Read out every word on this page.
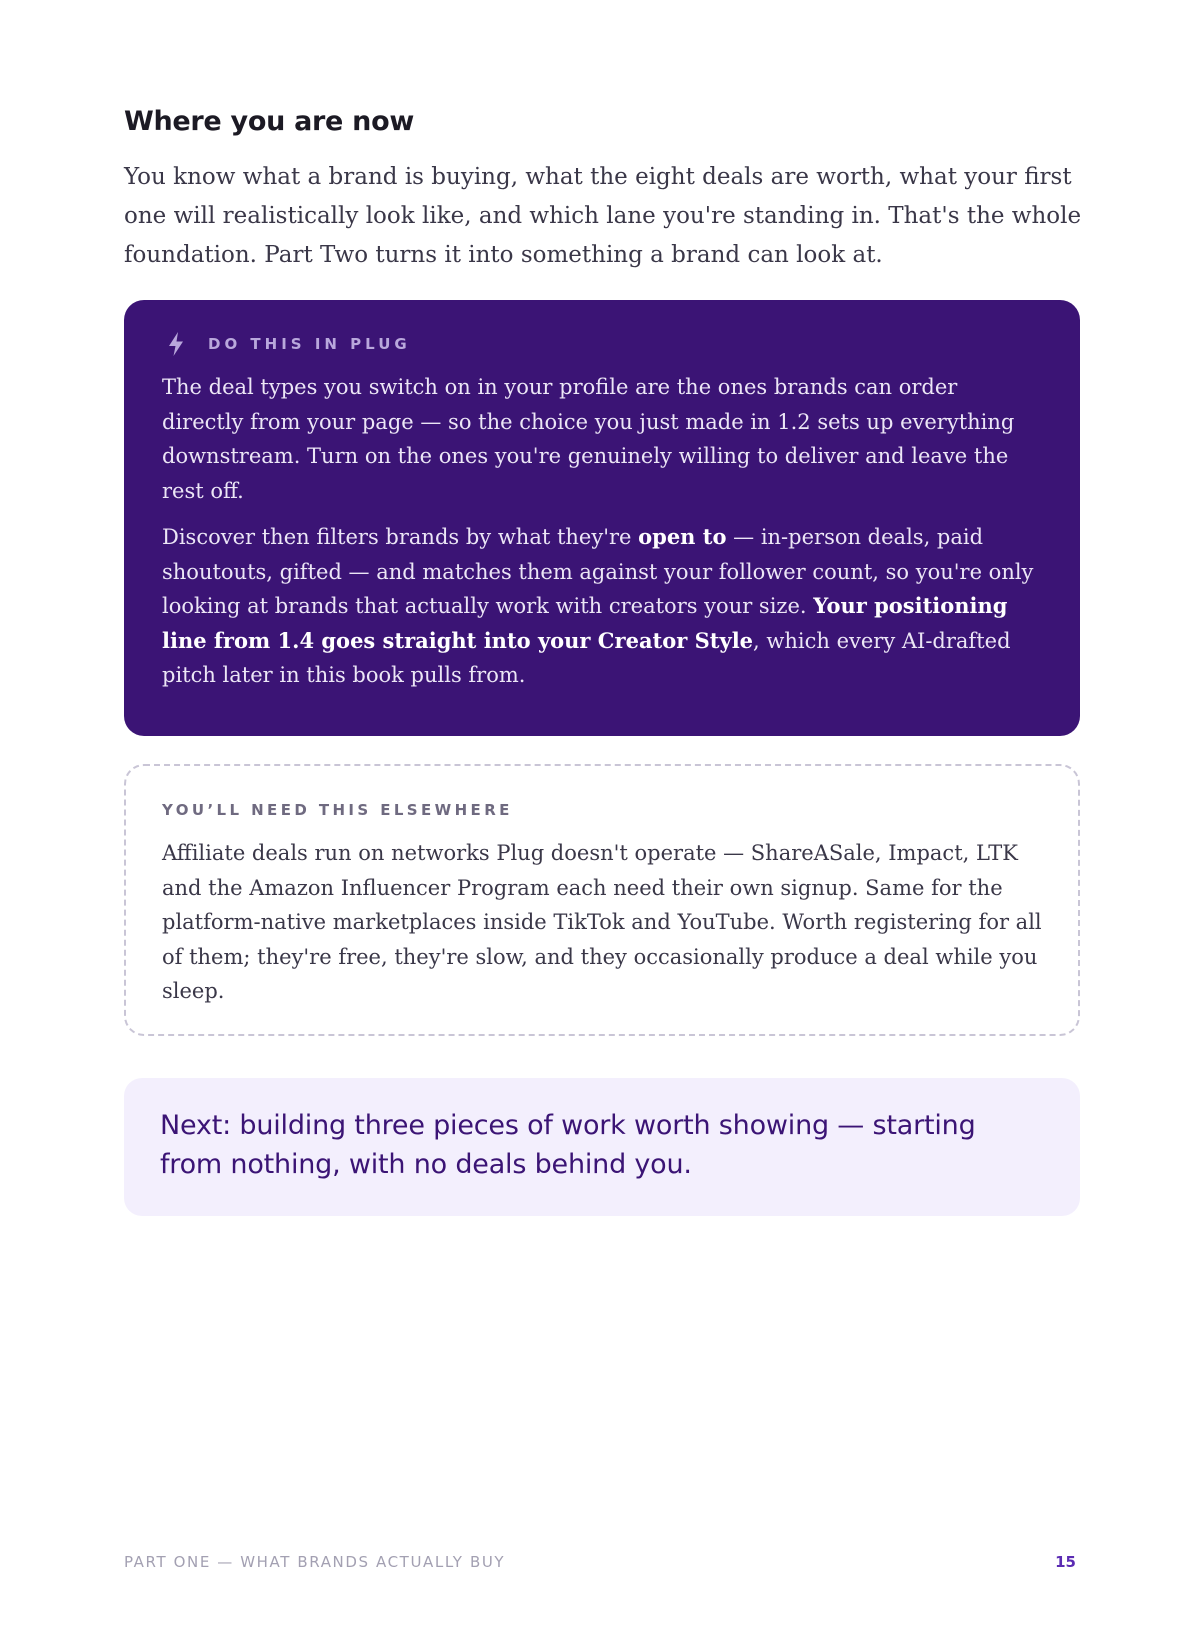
Where you are now

You know what a brand is buying, what the eight deals are worth, what your first one will realistically look like, and which lane you're standing in. That's the whole foundation. Part Two turns it into something a brand can look at.

DO THIS IN PLUG

The deal types you switch on in your profile are the ones brands can order directly from your page — so the choice you just made in 1.2 sets up everything downstream. Turn on the ones you're genuinely willing to deliver and leave the rest off.

Discover then filters brands by what they're open to — in-person deals, paid shoutouts, gifted — and matches them against your follower count, so you're only looking at brands that actually work with creators your size. Your positioning line from 1.4 goes straight into your Creator Style, which every AI-drafted pitch later in this book pulls from.

YOU’LL NEED THIS ELSEWHERE

Affiliate deals run on networks Plug doesn't operate — ShareASale, Impact, LTK and the Amazon Influencer Program each need their own signup. Same for the platform-native marketplaces inside TikTok and YouTube. Worth registering for all of them; they're free, they're slow, and they occasionally produce a deal while you sleep.

Next: building three pieces of work worth showing — starting from nothing, with no deals behind you.

PART ONE — WHAT BRANDS ACTUALLY BUY	15
